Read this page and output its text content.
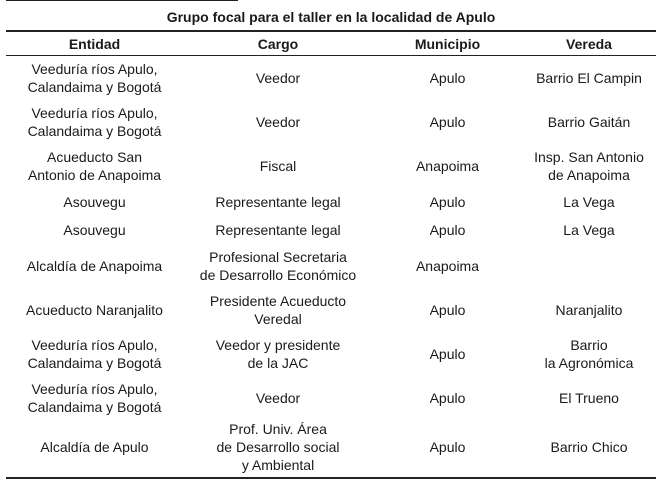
Grupo focal para el taller en la localidad de Apulo
Entidad	Cargo	Municipio	Vereda

Veeduría ríos Apulo,
Calandaima y Bogotá	Veedor	Apulo	Barrio El Campin

Veeduría ríos Apulo,
Calandaima y Bogotá	Veedor	Apulo	Barrio Gaitán

Acueducto San
Antonio de Anapoima	Fiscal	Anapoima	Insp. San Antonio
de Anapoima

Asouvegu	Representante legal	Apulo	La Vega

Asouvegu	Representante legal	Apulo	La Vega

Alcaldía de Anapoima	Profesional Secretaria
de Desarrollo Económico	Anapoima	

Acueducto Naranjalito	Presidente Acueducto
Veredal	Apulo	Naranjalito

Veeduría ríos Apulo,
Calandaima y Bogotá	Veedor y presidente
de la JAC	Apulo	Barrio
la Agronómica

Veeduría ríos Apulo,
Calandaima y Bogotá	Veedor	Apulo	El Trueno

Alcaldía de Apulo	Prof. Univ. Área
de Desarrollo social
y Ambiental	Apulo	Barrio Chico
